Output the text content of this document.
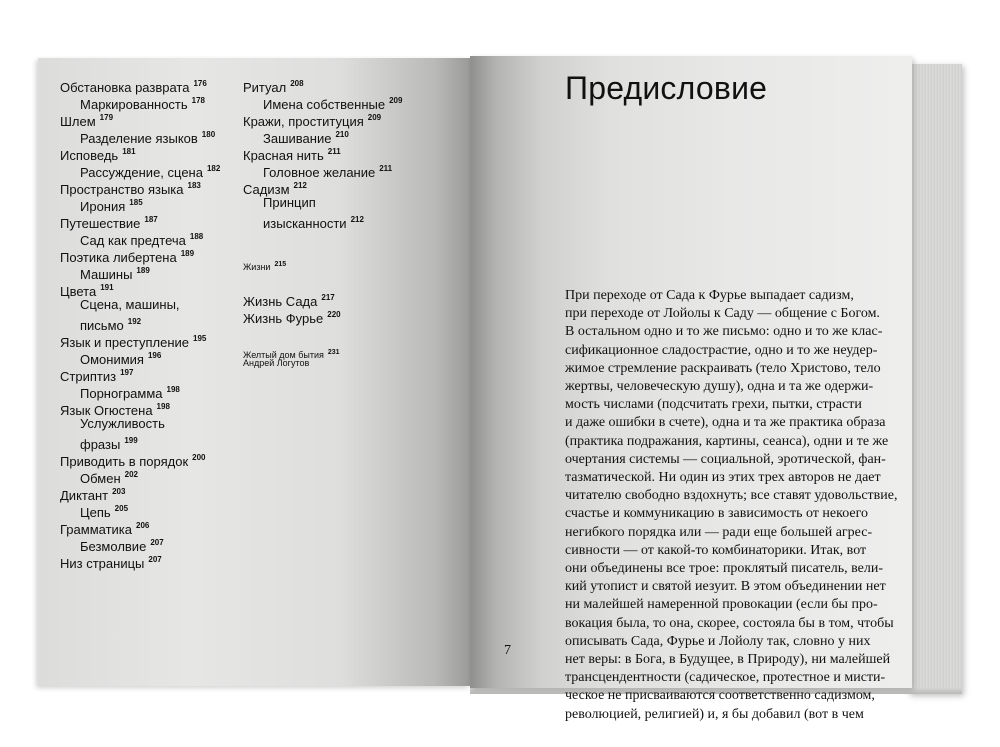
Обстановка разврата $^{176}$
Маркированность $^{178}$
Шлем $^{179}$
Разделение языков $^{180}$
Исповедь $^{181}$
Рассуждение, сцена $^{182}$
Пространство языка $^{183}$
Ирония $^{185}$
Путешествие $^{187}$
Сад как предтеча $^{188}$
Поэтика либертена $^{189}$
Машины $^{189}$
Цвета $^{191}$
Сцена, машины,
письмо $^{192}$
Язык и преступление $^{195}$
Омонимия $^{196}$
Стриптиз $^{197}$
Порнограмма $^{198}$
Язык Огюстена $^{198}$
Услужливость
фразы $^{199}$
Приводить в порядок $^{200}$
Обмен $^{202}$
Диктант $^{203}$
Цепь $^{205}$
Грамматика $^{206}$
Безмолвие $^{207}$
Низ страницы $^{207}$
Ритуал $^{208}$
Имена собственные $^{209}$
Кражи, проституция $^{209}$
Зашивание $^{210}$
Красная нить $^{211}$
Головное желание $^{211}$
Садизм $^{212}$
Принцип
изысканности $^{212}$
Жизни $^{215}$
Жизнь Сада $^{217}$
Жизнь Фурье $^{220}$
Желтый дом бытия $^{231}$
Андрей Логутов
Предисловие
При переходе от Сада к Фурье выпадает садизм,
при переходе от Лойолы к Саду — общение с Богом.
В остальном одно и то же письмо: одно и то же клас-
сификационное сладострастие, одно и то же неудер-
жимое стремление раскраивать (тело Христово, тело
жертвы, человеческую душу), одна и та же одержи-
мость числами (подсчитать грехи, пытки, страсти
и даже ошибки в счете), одна и та же практика образа
(практика подражания, картины, сеанса), одни и те же
очертания системы — социальной, эротической, фан-
тазматической. Ни один из этих трех авторов не дает
читателю свободно вздохнуть; все ставят удовольствие,
счастье и коммуникацию в зависимость от некоего
негибкого порядка или — ради еще большей агрес-
сивности — от какой-то комбинаторики. Итак, вот
они объединены все трое: проклятый писатель, вели-
кий утопист и святой иезуит. В этом объединении нет
ни малейшей намеренной провокации (если бы про-
вокация была, то она, скорее, состояла бы в том, чтобы
описывать Сада, Фурье и Лойолу так, словно у них
нет веры: в Бога, в Будущее, в Природу), ни малейшей
трансцендентности (садическое, протестное и мисти-
ческое не присваиваются соответственно садизмом,
революцией, религией) и, я бы добавил (вот в чем
7
